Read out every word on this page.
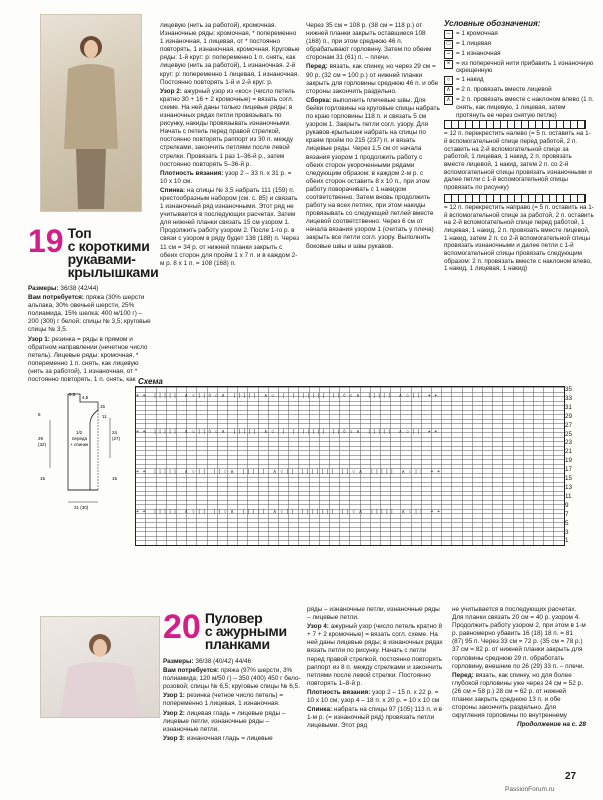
19 Топ
с короткими
рукавами-
крылышками

Размеры: 36/38 (42/44)

Вам потребуется: пряжа (30% шерсти альпака, 30% овечьей шерсти, 25% полиамида, 15% шелка; 400 м/100 г) – 200 (300) г белой; спицы № 3,5; круговые спицы № 3,5.

Узор 1: резинка = ряды в прямом и обратном направлении (нечетное число петель). Лицевые ряды: кромочная, * попеременно 1 п. снять, как лицевую (нить за работой), 1 изнаночная, от * постоянно повторять, 1 п. снять, как

лицевую (нить за работой), кромочная. Изнаночные ряды: кромочная, * попеременно 1 изнаночная, 1 лицевая, от * постоянно повторять, 1 изнаночная, кромочная. Круговые ряды: 1-й круг: р: попеременно 1 п. снять, как лицевую (нить за работой), 1 изнаночная. 2-й круг: р: попеременно 1 лицевая, 1 изнаночная. Постоянно повторять 1-й и 2-й круг. р.

Узор 2: ажурный узор из «кос» (число петель кратно 30 + 16 + 2 кромочные) = вязать согл. схеме. На ней даны только лицевые ряды; в изнаночных рядах петли провязывать по рисунку, накиды провязывать изнаночными. Начать с петель перед правой стрелкой, постоянно повторять раппорт из 30 п. между стрелками, закончить петлями после левой стрелки. Провязать 1 раз 1–36-й р., затем постоянно повторять 5–36-й р.

Плотность вязания: узор 2 – 33 п. x 31 р. = 10 x 10 см.

Спинка: на спицы № 3,5 набрать 111 (159) п. крестообразным набором (см. с. 85) и связать 1 изнаночный ряд изнаночными. Этот ряд не учитывается в последующих расчетах. Затем для нижней планки связать 15 см узором 1. Продолжить работу узором 2. После 1-го р. в связи с узором в ряду будет 138 (188) п. Через 11 см = 34 р. от нижней планки закрыть с обеих сторон для пройм 1 x 7 п. и в каждом 2-м р. 8 x 1 п. = 108 (168) п.

Через 35 см = 108 р. (38 см = 118 р.) от нижней планки закрыть оставшиеся 108 (168) п., при этом среднюю 46 п. обрабатывают горловину. Затем по обеим сторонам 31 (61) п. – плечи.

Перед: вязать, как спинку, но через 29 см = 90 р. (32 см = 100 р.) от нижней планки закрыть для горловины среднюю 46 п. и обе стороны закончить раздельно.

Сборка: выполнить плечевые швы. Для бейки горловины на круговые спицы набрать по краю горловины 118 п. и связать 5 см узором 1. Закрыть петли согл. узору. Для рукавов-крылышек набрать на спицы по краям пройм по 215 (237) п. и вязать лицевые ряды. Через 1,5 см от начала вязания узором 1 продолжить работу с обеих сторон укороченными рядами следующим образом: в каждом 2-м р. с обеих сторон оставить 8 x 10 п., при этом работу поворачивать с 1 накидом соответственно. Затем вновь продолжить работу на всех петлях, при этом накиды провязывать со следующей петлей вместе лицевой соответственно. Через 6 см от начала вязания узором 1 (считать у плеча) закрыть все петли согл. узору. Выполнить боковые швы и швы рукавов.

Условные обозначения:
– = 1 кромочная
□ = 1 лицевая
– = 1 изнаночная
× = из поперечной нити прибавить 1 изнаночную скрещенную
○ = 1 накид
∧ = 2 п. провязать вместе лицевой
⋏ = 2 п. провязать вместе с наклоном влево (1 п. снять, как лицевую, 1 лицевая, затем протянуть ее через снятую петлю)
= 12 п. перекрестить налево (= 5 п. оставить на 1-й вспомогательной спице перед работой, 2 п. оставить на 2-й вспомогательной спице за работой, 1 лицевая, 1 накид, 2 п. провязать вместе лицевой, 1 накид, затем 2 п. со 2-й вспомогательной спицы провязать изнаночными и далее петли с 1-й вспомогательной спицы провязать по рисунку)
= 12 п. перекрестить направо (= 5 п. оставить на 1-й вспомогательной спице за работой, 2 п. оставить на 2-й вспомогательной спице перед работой, 1 лицевая, 1 накид, 2 п. провязать вместе лицевой, 1 накид, затем 2 п. со 2-й вспомогательной спицы провязать изнаночными и далее петли с 1-й вспомогательной спицы провязать следующим образом: 2 п. провязать вместе с наклоном влево, 1 накид, 1 лицевая, 1 накид)
9,5
4,5
15
1/2
переда
+ спинки
29
(32)
24
(27)
6
15	15
21 (30)
11
Схема
++ ||||| ∧○||◊○∧ ||||| ∧○|| ||||||| ||◊○∧ ||||| ∧○|| ++
++ ||||| ∧○||◊○∧ ||||| ∧○|| ||||||| ||◊○∧ ||||| ∧○|| ++
++ ||||| ∧○|| ||○∧ ||||| ∧○|| ||||||| ||○∧ ||||| ∧○|| ++
++ ||||| ∧○|| ||○∧ ||||| ∧○|| ||||||| ||○∧ ||||| ∧○|| ++
35
33
31
29
27
25
23
21
19
17
15
13
11
9
7
5
3
1
20 Пуловер
с ажурными
планками

Размеры: 36/38 (40/42) 44/46

Вам потребуется: пряжа (97% шерсти, 3% полиамида; 120 м/50 г) – 350 (400) 450 г бело-розовой; спицы № 6,5; круговые спицы № 6,5.

Узор 1: резинка (четное число петель) = попеременно 1 лицевая, 1 изнаночная.

Узор 2: лицевая гладь = лицевые ряды – лицевые петли, изнаночные ряды – изнаночные петли.

Узор 3: изнаночная гладь = лицевые

ряды – изнаночные петли, изнаночные ряды – лицевые петли.

Узор 4: ажурный узор (число петель кратно 8 + 7 + 2 кромочные) = вязать согл. схеме. На ней даны лицевые ряды; в изнаночных рядах вязать петли по рисунку. Начать с петли перед правой стрелкой, постоянно повторять раппорт из 8 п. между стрелками и закончить петлями после левой стрелки. Постоянно повторять 1–8-й р.

Плотность вязания: узор 2 – 15 п. x 22 р. = 10 x 10 см; узор 4 – 18 п. x 20 р. = 10 x 10 см

Спинка: набрать на спицы 97 (105) 113 п. и в 1-м р. (= изнаночный ряд) провязать петли лицевыми. Этот ряд

не учитывается в последующих расчетах. Для планки связать 20 см = 40 р. узором 4. Продолжить работу узором 2, при этом в 1-м р. равномерно убавить 16 (18) 18 п. = 81 (87) 95 п. Через 33 см = 72 р. (35 см = 78 р.) 37 см = 82 р. от нижней планки закрыть для горловины среднюю 29 п. обработать горловину, внешние по 26 (29) 33 п. – плечи.

Перед: вязать, как спинку, но для более глубокой горловины уже через 24 см = 52 р. (26 см = 58 р.) 28 см = 62 р. от нижней планки закрыть среднюю 13 п. и обе стороны закончить раздельно. Для скругления горловины по внутреннему

Продолжение на с. 28

27
PassionForum.ru
